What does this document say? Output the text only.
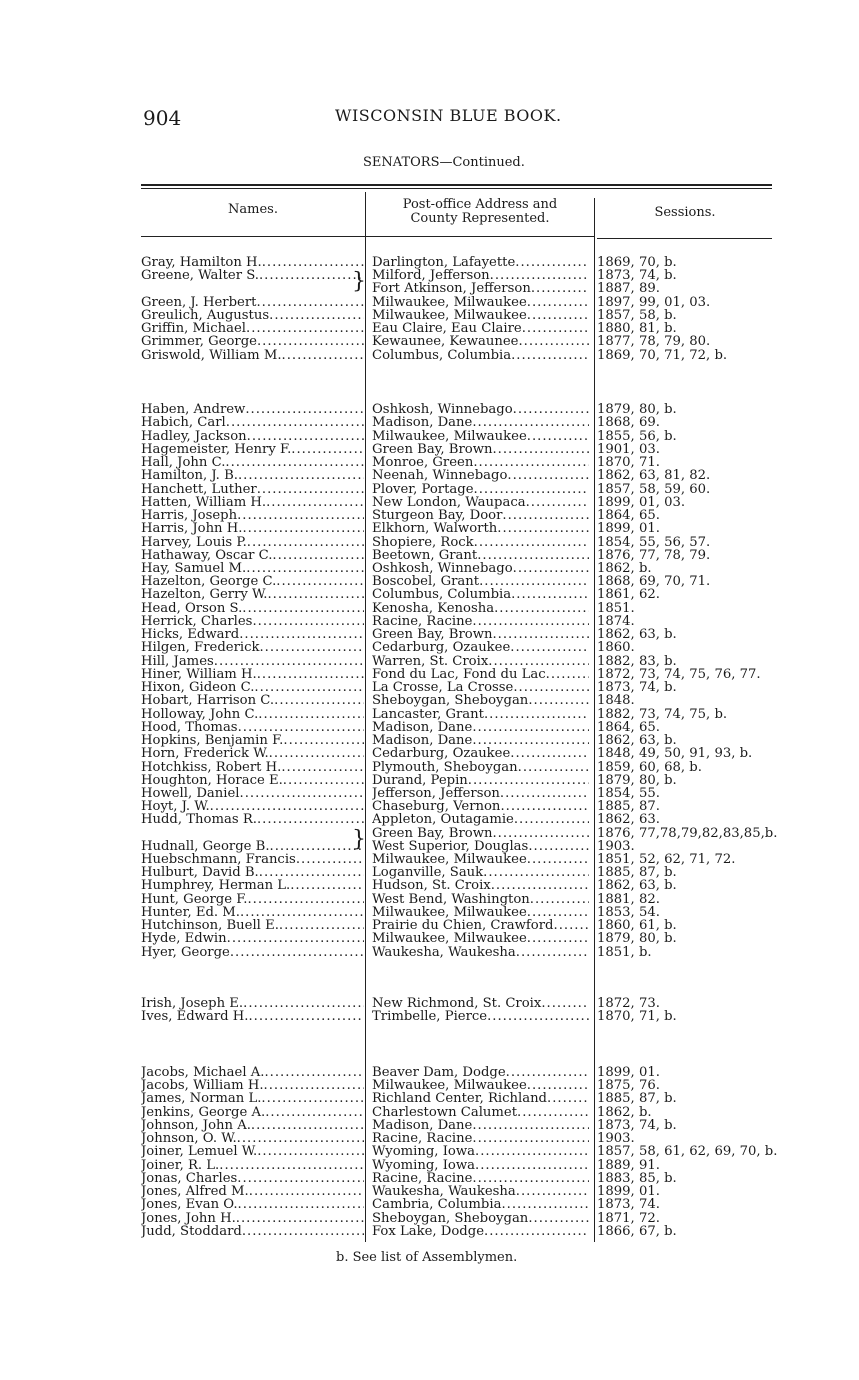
904	WISCONSIN BLUE BOOK.
SENATORS—Continued.
Names.	Post-office Address and
County Represented.	Sessions.
Gray, Hamilton H. .....	Darlington, Lafayette .....	1869, 70, b.
Greene, Walter S. .....	Milford, Jefferson .....	1873, 74, b.
Fort Atkinson, Jefferson .....	1887, 89.
Green, J. Herbert .....	Milwaukee, Milwaukee .....	1897, 99, 01, 03.
Greulich, Augustus .....	Milwaukee, Milwaukee .....	1857, 58, b.
Griffin, Michael .....	Eau Claire, Eau Claire .....	1880, 81, b.
Grimmer, George .....	Kewaunee, Kewaunee .....	1877, 78, 79, 80.
Griswold, William M. .....	Columbus, Columbia .....	1869, 70, 71, 72, b.
Haben, Andrew .....	Oshkosh, Winnebago .....	1879, 80, b.
Habich, Carl .....	Madison, Dane .....	1868, 69.
Hadley, Jackson .....	Milwaukee, Milwaukee .....	1855, 56, b.
Hagemeister, Henry F. .....	Green Bay, Brown .....	1901, 03.
Hall, John C. .....	Monroe, Green .....	1870, 71.
Hamilton, J. B. .....	Neenah, Winnebago .....	1862, 63, 81, 82.
Hanchett, Luther .....	Plover, Portage .....	1857, 58, 59, 60.
Hatten, William H. .....	New London, Waupaca .....	1899, 01, 03.
Harris, Joseph .....	Sturgeon Bay, Door .....	1864, 65.
Harris, John H. .....	Elkhorn, Walworth .....	1899, 01.
Harvey, Louis P. .....	Shopiere, Rock .....	1854, 55, 56, 57.
Hathaway, Oscar C. .....	Beetown, Grant .....	1876, 77, 78, 79.
Hay, Samuel M. .....	Oshkosh, Winnebago .....	1862, b.
Hazelton, George C. .....	Boscobel, Grant .....	1868, 69, 70, 71.
Hazelton, Gerry W. .....	Columbus, Columbia .....	1861, 62.
Head, Orson S. .....	Kenosha, Kenosha .....	1851.
Herrick, Charles .....	Racine, Racine .....	1874.
Hicks, Edward .....	Green Bay, Brown .....	1862, 63, b.
Hilgen, Frederick .....	Cedarburg, Ozaukee .....	1860.
Hill, James .....	Warren, St. Croix .....	1882, 83, b.
Hiner, William H. .....	Fond du Lac, Fond du Lac .....	1872, 73, 74, 75, 76, 77.
Hixon, Gideon C. .....	La Crosse, La Crosse .....	1873, 74, b.
Hobart, Harrison C. .....	Sheboygan, Sheboygan .....	1848.
Holloway, John C. .....	Lancaster, Grant .....	1882, 73, 74, 75, b.
Hood, Thomas .....	Madison, Dane .....	1864, 65.
Hopkins, Benjamin F. .....	Madison, Dane .....	1862, 63, b.
Horn, Frederick W. .....	Cedarburg, Ozaukee .....	1848, 49, 50, 91, 93, b.
Hotchkiss, Robert H. .....	Plymouth, Sheboygan .....	1859, 60, 68, b.
Houghton, Horace E. .....	Durand, Pepin .....	1879, 80, b.
Howell, Daniel .....	Jefferson, Jefferson .....	1854, 55.
Hoyt, J. W. .....	Chaseburg, Vernon .....	1885, 87.
Hudd, Thomas R. .....	Appleton, Outagamie .....	1862, 63.
Green Bay, Brown .....	1876, 77,78,79,82,83,85,b.
Hudnall, George B. .....	West Superior, Douglas .....	1903.
Huebschmann, Francis .....	Milwaukee, Milwaukee .....	1851, 52, 62, 71, 72.
Hulburt, David B. .....	Loganville, Sauk .....	1885, 87, b.
Humphrey, Herman L. .....	Hudson, St. Croix .....	1862, 63, b.
Hunt, George F. .....	West Bend, Washington .....	1881, 82.
Hunter, Ed. M. .....	Milwaukee, Milwaukee .....	1853, 54.
Hutchinson, Buell E. .....	Prairie du Chien, Crawford .....	1860, 61, b.
Hyde, Edwin .....	Milwaukee, Milwaukee .....	1879, 80, b.
Hyer, George .....	Waukesha, Waukesha .....	1851, b.
Irish, Joseph E. .....	New Richmond, St. Croix .....	1872, 73.
Ives, Edward H. .....	Trimbelle, Pierce .....	1870, 71, b.
Jacobs, Michael A. .....	Beaver Dam, Dodge .....	1899, 01.
Jacobs, William H. .....	Milwaukee, Milwaukee .....	1875, 76.
James, Norman L. .....	Richland Center, Richland .....	1885, 87, b.
Jenkins, George A. .....	Charlestown Calumet .....	1862, b.
Johnson, John A. .....	Madison, Dane .....	1873, 74, b.
Johnson, O. W. .....	Racine, Racine .....	1903.
Joiner, Lemuel W. .....	Wyoming, Iowa .....	1857, 58, 61, 62, 69, 70, b.
Joiner, R. L. .....	Wyoming, Iowa .....	1889, 91.
Jonas, Charles .....	Racine, Racine .....	1883, 85, b.
Jones, Alfred M. .....	Waukesha, Waukesha .....	1899, 01.
Jones, Evan O. .....	Cambria, Columbia .....	1873, 74.
Jones, John H. .....	Sheboygan, Sheboygan .....	1871, 72.
Judd, Stoddard .....	Fox Lake, Dodge .....	1866, 67, b.
}
}
b. See list of Assemblymen.
